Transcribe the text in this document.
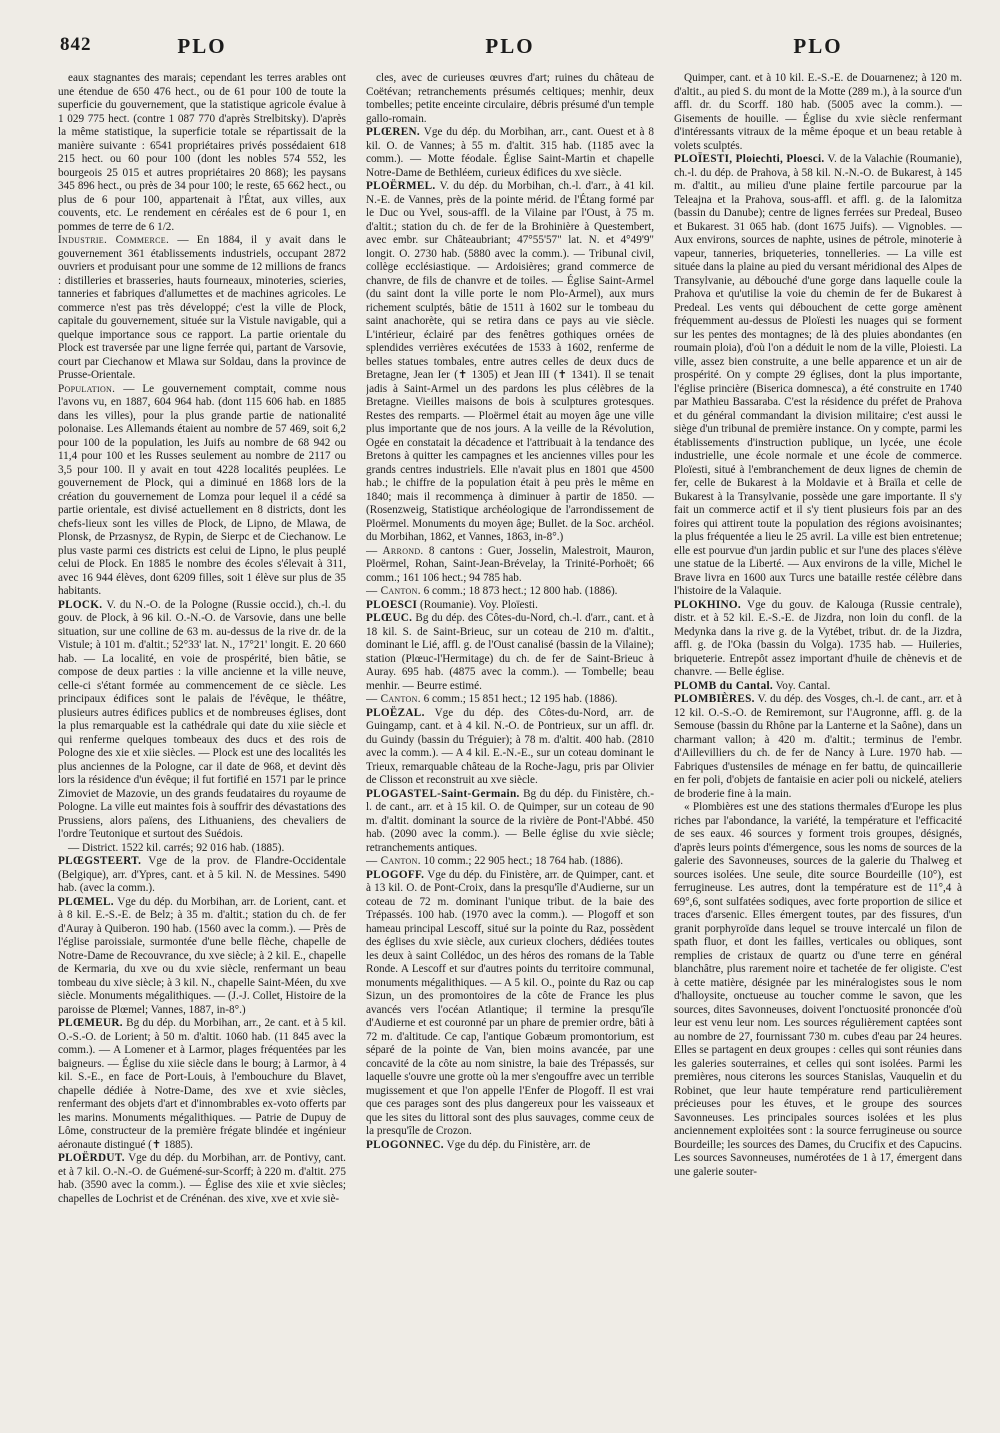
842	PLO	PLO	PLO

eaux stagnantes des marais; cependant les terres arables ont une étendue de 650 476 hect., ou de 61 pour 100 de toute la superficie du gouvernement, que la statistique agricole évalue à 1 029 775 hect. (contre 1 087 770 d'après Strelbitsky). D'après la même statistique, la superficie totale se répartissait de la manière suivante : 6541 propriétaires privés possédaient 618 215 hect. ou 60 pour 100 (dont les nobles 574 552, les bourgeois 25 015 et autres propriétaires 20 868); les paysans 345 896 hect., ou près de 34 pour 100; le reste, 65 662 hect., ou plus de 6 pour 100, appartenait à l'État, aux villes, aux couvents, etc. Le rendement en céréales est de 6 pour 1, en pommes de terre de 6 1/2.

Industrie. Commerce. — En 1884, il y avait dans le gouvernement 361 établissements industriels, occupant 2872 ouvriers et produisant pour une somme de 12 millions de francs : distilleries et brasseries, hauts fourneaux, minoteries, scieries, tanneries et fabriques d'allumettes et de machines agricoles. Le commerce n'est pas très développé; c'est la ville de Plock, capitale du gouvernement, située sur la Vistule navigable, qui a quelque importance sous ce rapport. La partie orientale du Plock est traversée par une ligne ferrée qui, partant de Varsovie, court par Ciechanow et Mlawa sur Soldau, dans la province de Prusse-Orientale.

Population. — Le gouvernement comptait, comme nous l'avons vu, en 1887, 604 964 hab. (dont 115 606 hab. en 1885 dans les villes), pour la plus grande partie de nationalité polonaise. Les Allemands étaient au nombre de 57 469, soit 6,2 pour 100 de la population, les Juifs au nombre de 68 942 ou 11,4 pour 100 et les Russes seulement au nombre de 2117 ou 3,5 pour 100. Il y avait en tout 4228 localités peuplées. Le gouvernement de Plock, qui a diminué en 1868 lors de la création du gouvernement de Lomza pour lequel il a cédé sa partie orientale, est divisé actuellement en 8 districts, dont les chefs-lieux sont les villes de Plock, de Lipno, de Mlawa, de Plonsk, de Przasnysz, de Rypin, de Sierpc et de Ciechanow. Le plus vaste parmi ces districts est celui de Lipno, le plus peuplé celui de Plock. En 1885 le nombre des écoles s'élevait à 311, avec 16 944 élèves, dont 6209 filles, soit 1 élève sur plus de 35 habitants.

PLOCK. V. du N.-O. de la Pologne (Russie occid.), ch.-l. du gouv. de Plock, à 96 kil. O.-N.-O. de Varsovie, dans une belle situation, sur une colline de 63 m. au-dessus de la rive dr. de la Vistule; à 101 m. d'altit.; 52°33' lat. N., 17°21' longit. E. 20 660 hab. — La localité, en voie de prospérité, bien bâtie, se compose de deux parties : la ville ancienne et la ville neuve, celle-ci s'étant formée au commencement de ce siècle. Les principaux édifices sont le palais de l'évêque, le théâtre, plusieurs autres édifices publics et de nombreuses églises, dont la plus remarquable est la cathédrale qui date du xiie siècle et qui renferme quelques tombeaux des ducs et des rois de Pologne des xie et xiie siècles. — Plock est une des localités les plus anciennes de la Pologne, car il date de 968, et devint dès lors la résidence d'un évêque; il fut fortifié en 1571 par le prince Zimoviet de Mazovie, un des grands feudataires du royaume de Pologne. La ville eut maintes fois à souffrir des dévastations des Prussiens, alors païens, des Lithuaniens, des chevaliers de l'ordre Teutonique et surtout des Suédois.

— District. 1522 kil. carrés; 92 016 hab. (1885).

PLŒGSTEERT. Vge de la prov. de Flandre-Occidentale (Belgique), arr. d'Ypres, cant. et à 5 kil. N. de Messines. 5490 hab. (avec la comm.).

PLŒMEL. Vge du dép. du Morbihan, arr. de Lorient, cant. et à 8 kil. E.-S.-E. de Belz; à 35 m. d'altit.; station du ch. de fer d'Auray à Quiberon. 190 hab. (1560 avec la comm.). — Près de l'église paroissiale, surmontée d'une belle flèche, chapelle de Notre-Dame de Recouvrance, du xve siècle; à 2 kil. E., chapelle de Kermaria, du xve ou du xvie siècle, renfermant un beau tombeau du xive siècle; à 3 kil. N., chapelle Saint-Méen, du xve siècle. Monuments mégalithiques. — (J.-J. Collet, Histoire de la paroisse de Plœmel; Vannes, 1887, in-8°.)

PLŒMEUR. Bg du dép. du Morbihan, arr., 2e cant. et à 5 kil. O.-S.-O. de Lorient; à 50 m. d'altit. 1060 hab. (11 845 avec la comm.). — A Lomener et à Larmor, plages fréquentées par les baigneurs. — Église du xiie siècle dans le bourg; à Larmor, à 4 kil. S.-E., en face de Port-Louis, à l'embouchure du Blavet, chapelle dédiée à Notre-Dame, des xve et xvie siècles, renfermant des objets d'art et d'innombrables ex-voto offerts par les marins. Monuments mégalithiques. — Patrie de Dupuy de Lôme, constructeur de la première frégate blindée et ingénieur aéronaute distingué (✝ 1885).

PLOËRDUT. Vge du dép. du Morbihan, arr. de Pontivy, cant. et à 7 kil. O.-N.-O. de Guémené-sur-Scorff; à 220 m. d'altit. 275 hab. (3590 avec la comm.). — Église des xiie et xvie siècles; chapelles de Lochrist et de Crénénan. des xive, xve et xvie siè-

cles, avec de curieuses œuvres d'art; ruines du château de Coëtévan; retranchements présumés celtiques; menhir, deux tombelles; petite enceinte circulaire, débris présumé d'un temple gallo-romain.

PLŒREN. Vge du dép. du Morbihan, arr., cant. Ouest et à 8 kil. O. de Vannes; à 55 m. d'altit. 315 hab. (1185 avec la comm.). — Motte féodale. Église Saint-Martin et chapelle Notre-Dame de Bethléem, curieux édifices du xve siècle.

PLOËRMEL. V. du dép. du Morbihan, ch.-l. d'arr., à 41 kil. N.-E. de Vannes, près de la pointe mérid. de l'Étang formé par le Duc ou Yvel, sous-affl. de la Vilaine par l'Oust, à 75 m. d'altit.; station du ch. de fer de la Brohinière à Questembert, avec embr. sur Châteaubriant; 47°55'57" lat. N. et 4°49'9" longit. O. 2730 hab. (5880 avec la comm.). — Tribunal civil, collège ecclésiastique. — Ardoisières; grand commerce de chanvre, de fils de chanvre et de toiles. — Église Saint-Armel (du saint dont la ville porte le nom Plo-Armel), aux murs richement sculptés, bâtie de 1511 à 1602 sur le tombeau du saint anachorète, qui se retira dans ce pays au vie siècle. L'intérieur, éclairé par des fenêtres gothiques ornées de splendides verrières exécutées de 1533 à 1602, renferme de belles statues tombales, entre autres celles de deux ducs de Bretagne, Jean Ier (✝ 1305) et Jean III (✝ 1341). Il se tenait jadis à Saint-Armel un des pardons les plus célèbres de la Bretagne. Vieilles maisons de bois à sculptures grotesques. Restes des remparts. — Ploërmel était au moyen âge une ville plus importante que de nos jours. A la veille de la Révolution, Ogée en constatait la décadence et l'attribuait à la tendance des Bretons à quitter les campagnes et les anciennes villes pour les grands centres industriels. Elle n'avait plus en 1801 que 4500 hab.; le chiffre de la population était à peu près le même en 1840; mais il recommença à diminuer à partir de 1850. — (Rosenzweig, Statistique archéologique de l'arrondissement de Ploërmel. Monuments du moyen âge; Bullet. de la Soc. archéol. du Morbihan, 1862, et Vannes, 1863, in-8°.)

— Arrond. 8 cantons : Guer, Josselin, Malestroit, Mauron, Ploërmel, Rohan, Saint-Jean-Brévelay, la Trinité-Porhoët; 66 comm.; 161 106 hect.; 94 785 hab.

— Canton. 6 comm.; 18 873 hect.; 12 800 hab. (1886).

PLOESCI (Roumanie). Voy. Ploïesti.

PLŒUC. Bg du dép. des Côtes-du-Nord, ch.-l. d'arr., cant. et à 18 kil. S. de Saint-Brieuc, sur un coteau de 210 m. d'altit., dominant le Lié, affl. g. de l'Oust canalisé (bassin de la Vilaine); station (Plœuc-l'Hermitage) du ch. de fer de Saint-Brieuc à Auray. 695 hab. (4875 avec la comm.). — Tombelle; beau menhir. — Beurre estimé.

— Canton. 6 comm.; 15 851 hect.; 12 195 hab. (1886).

PLOËZAL. Vge du dép. des Côtes-du-Nord, arr. de Guingamp, cant. et à 4 kil. N.-O. de Pontrieux, sur un affl. dr. du Guindy (bassin du Tréguier); à 78 m. d'altit. 400 hab. (2810 avec la comm.). — A 4 kil. E.-N.-E., sur un coteau dominant le Trieux, remarquable château de la Roche-Jagu, pris par Olivier de Clisson et reconstruit au xve siècle.

PLOGASTEL-Saint-Germain. Bg du dép. du Finistère, ch.-l. de cant., arr. et à 15 kil. O. de Quimper, sur un coteau de 90 m. d'altit. dominant la source de la rivière de Pont-l'Abbé. 450 hab. (2090 avec la comm.). — Belle église du xvie siècle; retranchements antiques.

— Canton. 10 comm.; 22 905 hect.; 18 764 hab. (1886).

PLOGOFF. Vge du dép. du Finistère, arr. de Quimper, cant. et à 13 kil. O. de Pont-Croix, dans la presqu'île d'Audierne, sur un coteau de 72 m. dominant l'unique tribut. de la baie des Trépassés. 100 hab. (1970 avec la comm.). — Plogoff et son hameau principal Lescoff, situé sur la pointe du Raz, possèdent des églises du xvie siècle, aux curieux clochers, dédiées toutes les deux à saint Collédoc, un des héros des romans de la Table Ronde. A Lescoff et sur d'autres points du territoire communal, monuments mégalithiques. — A 5 kil. O., pointe du Raz ou cap Sizun, un des promontoires de la côte de France les plus avancés vers l'océan Atlantique; il termine la presqu'île d'Audierne et est couronné par un phare de premier ordre, bâti à 72 m. d'altitude. Ce cap, l'antique Gobæum promontorium, est séparé de la pointe de Van, bien moins avancée, par une concavité de la côte au nom sinistre, la baie des Trépassés, sur laquelle s'ouvre une grotte où la mer s'engouffre avec un terrible mugissement et que l'on appelle l'Enfer de Plogoff. Il est vrai que ces parages sont des plus dangereux pour les vaisseaux et que les sites du littoral sont des plus sauvages, comme ceux de la presqu'île de Crozon.

PLOGONNEC. Vge du dép. du Finistère, arr. de

Quimper, cant. et à 10 kil. E.-S.-E. de Douarnenez; à 120 m. d'altit., au pied S. du mont de la Motte (289 m.), à la source d'un affl. dr. du Scorff. 180 hab. (5005 avec la comm.). — Gisements de houille. — Église du xvie siècle renfermant d'intéressants vitraux de la même époque et un beau retable à volets sculptés.

PLOÏESTI, Ploiechti, Ploesci. V. de la Valachie (Roumanie), ch.-l. du dép. de Prahova, à 58 kil. N.-N.-O. de Bukarest, à 145 m. d'altit., au milieu d'une plaine fertile parcourue par la Teleajna et la Prahova, sous-affl. et affl. g. de la Ialomitza (bassin du Danube); centre de lignes ferrées sur Predeal, Buseo et Bukarest. 31 065 hab. (dont 1675 Juifs). — Vignobles. — Aux environs, sources de naphte, usines de pétrole, minoterie à vapeur, tanneries, briqueteries, tonnelleries. — La ville est située dans la plaine au pied du versant méridional des Alpes de Transylvanie, au débouché d'une gorge dans laquelle coule la Prahova et qu'utilise la voie du chemin de fer de Bukarest à Predeal. Les vents qui débouchent de cette gorge amènent fréquemment au-dessus de Ploïesti les nuages qui se forment sur les pentes des montagnes; de là des pluies abondantes (en roumain ploia), d'où l'on a déduit le nom de la ville, Ploiesti. La ville, assez bien construite, a une belle apparence et un air de prospérité. On y compte 29 églises, dont la plus importante, l'église princière (Biserica domnesca), a été construite en 1740 par Mathieu Bassaraba. C'est la résidence du préfet de Prahova et du général commandant la division militaire; c'est aussi le siège d'un tribunal de première instance. On y compte, parmi les établissements d'instruction publique, un lycée, une école industrielle, une école normale et une école de commerce. Ploïesti, situé à l'embranchement de deux lignes de chemin de fer, celle de Bukarest à la Moldavie et à Braïla et celle de Bukarest à la Transylvanie, possède une gare importante. Il s'y fait un commerce actif et il s'y tient plusieurs fois par an des foires qui attirent toute la population des régions avoisinantes; la plus fréquentée a lieu le 25 avril. La ville est bien entretenue; elle est pourvue d'un jardin public et sur l'une des places s'élève une statue de la Liberté. — Aux environs de la ville, Michel le Brave livra en 1600 aux Turcs une bataille restée célèbre dans l'histoire de la Valaquie.

PLOKHINO. Vge du gouv. de Kalouga (Russie centrale), distr. et à 52 kil. E.-S.-E. de Jizdra, non loin du confl. de la Medynka dans la rive g. de la Vytébet, tribut. dr. de la Jizdra, affl. g. de l'Oka (bassin du Volga). 1735 hab. — Huileries, briqueterie. Entrepôt assez important d'huile de chènevis et de chanvre. — Belle église.

PLOMB du Cantal. Voy. Cantal.

PLOMBIÈRES. V. du dép. des Vosges, ch.-l. de cant., arr. et à 12 kil. O.-S.-O. de Remiremont, sur l'Augronne, affl. g. de la Semouse (bassin du Rhône par la Lanterne et la Saône), dans un charmant vallon; à 420 m. d'altit.; terminus de l'embr. d'Aillevilliers du ch. de fer de Nancy à Lure. 1970 hab. — Fabriques d'ustensiles de ménage en fer battu, de quincaillerie en fer poli, d'objets de fantaisie en acier poli ou nickelé, ateliers de broderie fine à la main.

« Plombières est une des stations thermales d'Europe les plus riches par l'abondance, la variété, la température et l'efficacité de ses eaux. 46 sources y forment trois groupes, désignés, d'après leurs points d'émergence, sous les noms de sources de la galerie des Savonneuses, sources de la galerie du Thalweg et sources isolées. Une seule, dite source Bourdeille (10°), est ferrugineuse. Les autres, dont la température est de 11°,4 à 69°,6, sont sulfatées sodiques, avec forte proportion de silice et traces d'arsenic. Elles émergent toutes, par des fissures, d'un granit porphyroïde dans lequel se trouve intercalé un filon de spath fluor, et dont les failles, verticales ou obliques, sont remplies de cristaux de quartz ou d'une terre en général blanchâtre, plus rarement noire et tachetée de fer oligiste. C'est à cette matière, désignée par les minéralogistes sous le nom d'halloysite, onctueuse au toucher comme le savon, que les sources, dites Savonneuses, doivent l'onctuosité prononcée d'où leur est venu leur nom. Les sources régulièrement captées sont au nombre de 27, fournissant 730 m. cubes d'eau par 24 heures. Elles se partagent en deux groupes : celles qui sont réunies dans les galeries souterraines, et celles qui sont isolées. Parmi les premières, nous citerons les sources Stanislas, Vauquelin et du Robinet, que leur haute température rend particulièrement précieuses pour les étuves, et le groupe des sources Savonneuses. Les principales sources isolées et les plus anciennement exploitées sont : la source ferrugineuse ou source Bourdeille; les sources des Dames, du Crucifix et des Capucins. Les sources Savonneuses, numérotées de 1 à 17, émergent dans une galerie souter-
